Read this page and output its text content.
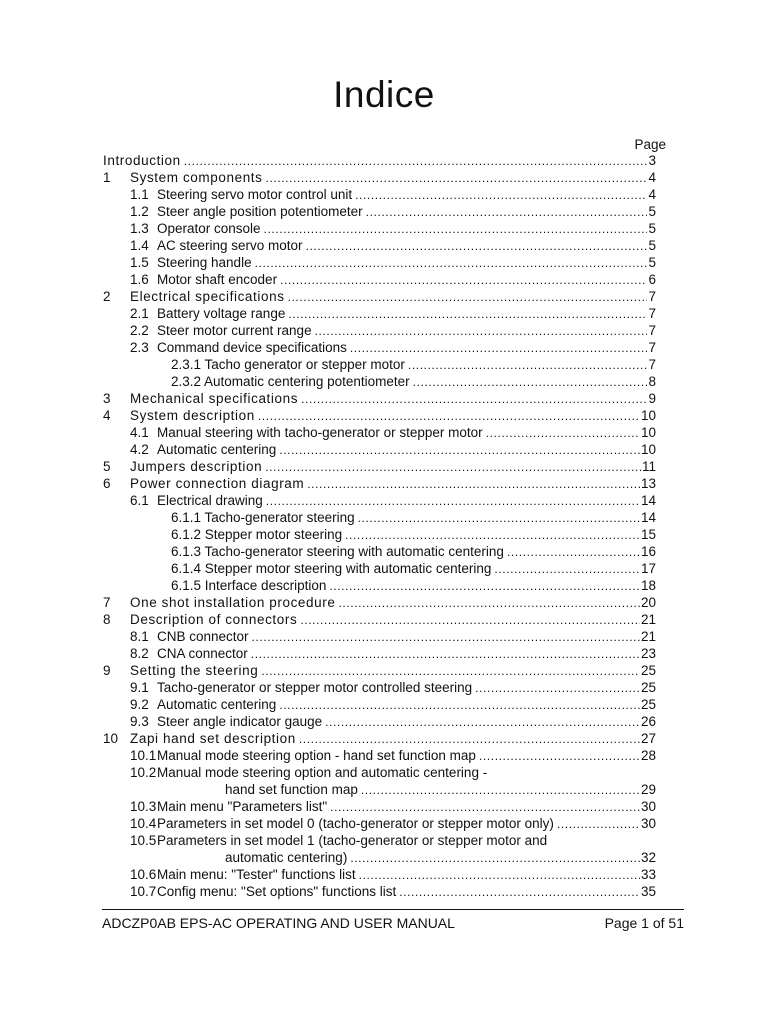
Indice
Page
Introduction .....	3
1	System components .....	4
1.1 Steering servo motor control unit .....	4
1.2 Steer angle position potentiometer .....	5
1.3 Operator console .....	5
1.4 AC steering servo motor .....	5
1.5 Steering handle .....	5
1.6 Motor shaft encoder .....	6
2	Electrical specifications .....	7
2.1 Battery voltage range .....	7
2.2 Steer motor current range .....	7
2.3 Command device specifications .....	7
2.3.1 Tacho generator or stepper motor .....	7
2.3.2 Automatic centering potentiometer .....	8
3	Mechanical specifications .....	9
4	System description .....	10
4.1 Manual steering with tacho-generator or stepper motor .....	10
4.2 Automatic centering .....	10
5	Jumpers description .....	11
6	Power connection diagram .....	13
6.1 Electrical drawing .....	14
6.1.1 Tacho-generator steering .....	14
6.1.2 Stepper motor steering .....	15
6.1.3 Tacho-generator steering with automatic centering .....	16
6.1.4 Stepper motor steering with automatic centering .....	17
6.1.5 Interface description .....	18
7	One shot installation procedure .....	20
8	Description of connectors .....	21
8.1 CNB connector .....	21
8.2 CNA connector .....	23
9	Setting the steering .....	25
9.1 Tacho-generator or stepper motor controlled steering .....	25
9.2 Automatic centering .....	25
9.3 Steer angle indicator gauge .....	26
10 Zapi hand set description .....	27
10.1 Manual mode steering option - hand set function map .....	28
10.2 Manual mode steering option and automatic centering -
hand set function map .....	29
10.3 Main menu "Parameters list" .....	30
10.4 Parameters in set model 0 (tacho-generator or stepper motor only) .....	30
10.5 Parameters in set model 1 (tacho-generator or stepper motor and
automatic centering) .....	32
10.6 Main menu: "Tester" functions list .....	33
10.7 Config menu: "Set options" functions list .....	35
ADCZP0AB EPS-AC OPERATING AND USER MANUAL	Page 1 of 51
